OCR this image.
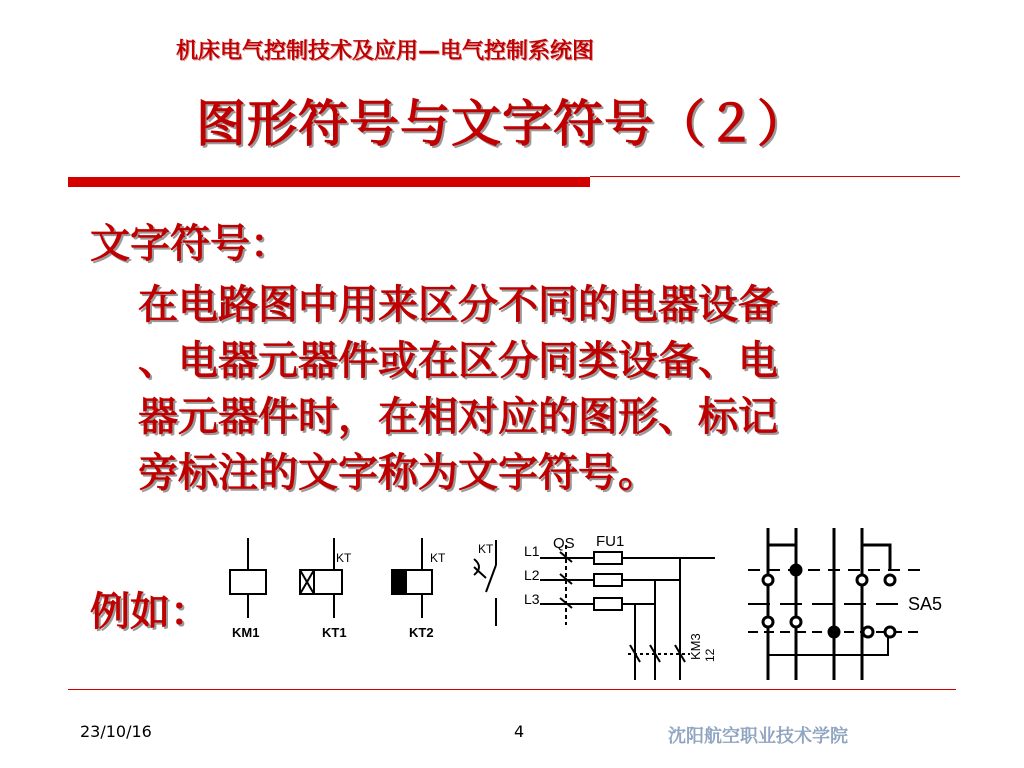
机床电气控制技术及应用—电气控制系统图
图形符号与文字符号（２）
文字符号：
在电路图中用来区分不同的电器设备
、电器元器件或在区分同类设备、电
器元器件时，在相对应的图形、标记
旁标注的文字称为文字符号。
例如：
KT	KT
KT	QS FU1
L1
L2
L3
KM3 12
SA5
KM1	KT1	KT2
23/10/16	4	沈阳航空职业技术学院
